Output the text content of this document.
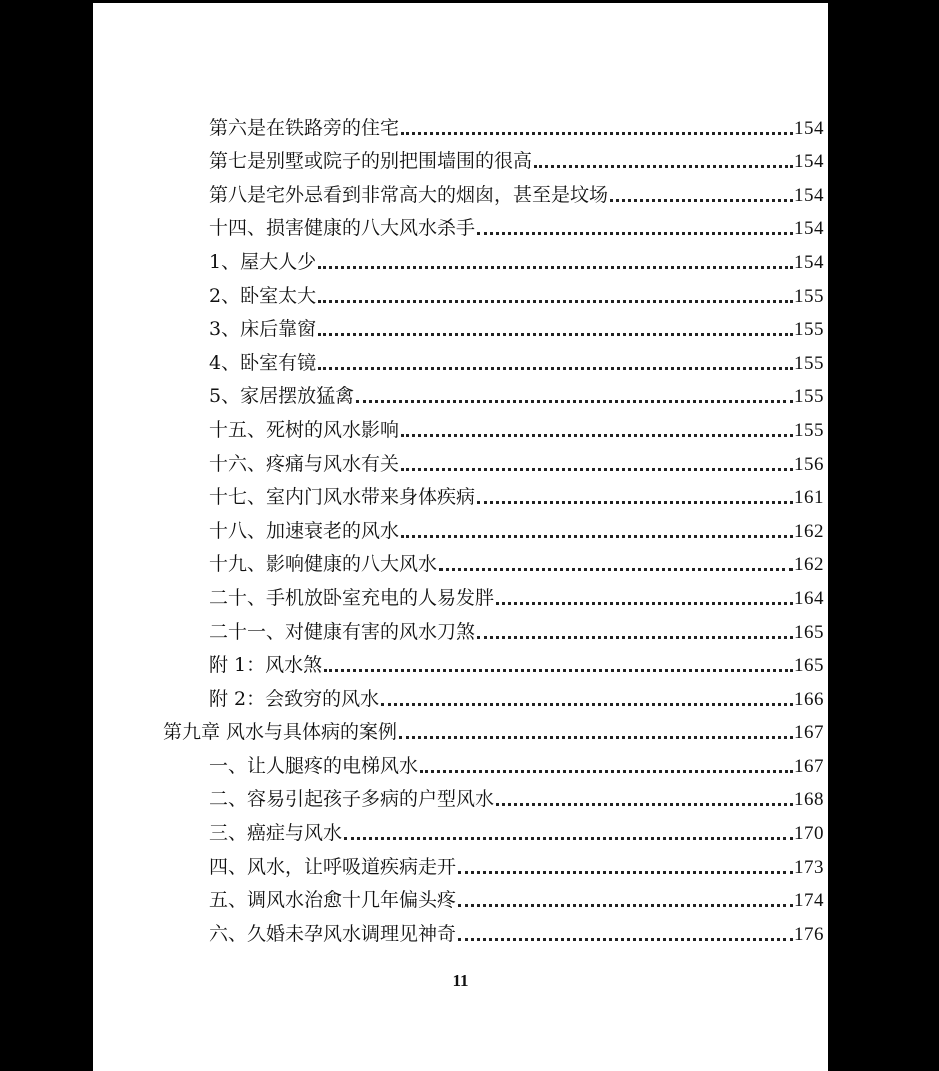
第六是在铁路旁的住宅	154
第七是别墅或院子的别把围墙围的很高	154
第八是宅外忌看到非常高大的烟囱，甚至是坟场	154
十四、损害健康的八大风水杀手	154
1、屋大人少	154
2、卧室太大	155
3、床后靠窗	155
4、卧室有镜	155
5、家居摆放猛禽	155
十五、死树的风水影响	155
十六、疼痛与风水有关	156
十七、室内门风水带来身体疾病	161
十八、加速衰老的风水	162
十九、影响健康的八大风水	162
二十、手机放卧室充电的人易发胖	164
二十一、对健康有害的风水刀煞	165
附 1：风水煞	165
附 2：会致穷的风水	166
第九章 风水与具体病的案例	167
一、让人腿疼的电梯风水	167
二、容易引起孩子多病的户型风水	168
三、癌症与风水	170
四、风水，让呼吸道疾病走开	173
五、调风水治愈十几年偏头疼	174
六、久婚未孕风水调理见神奇	176
11
